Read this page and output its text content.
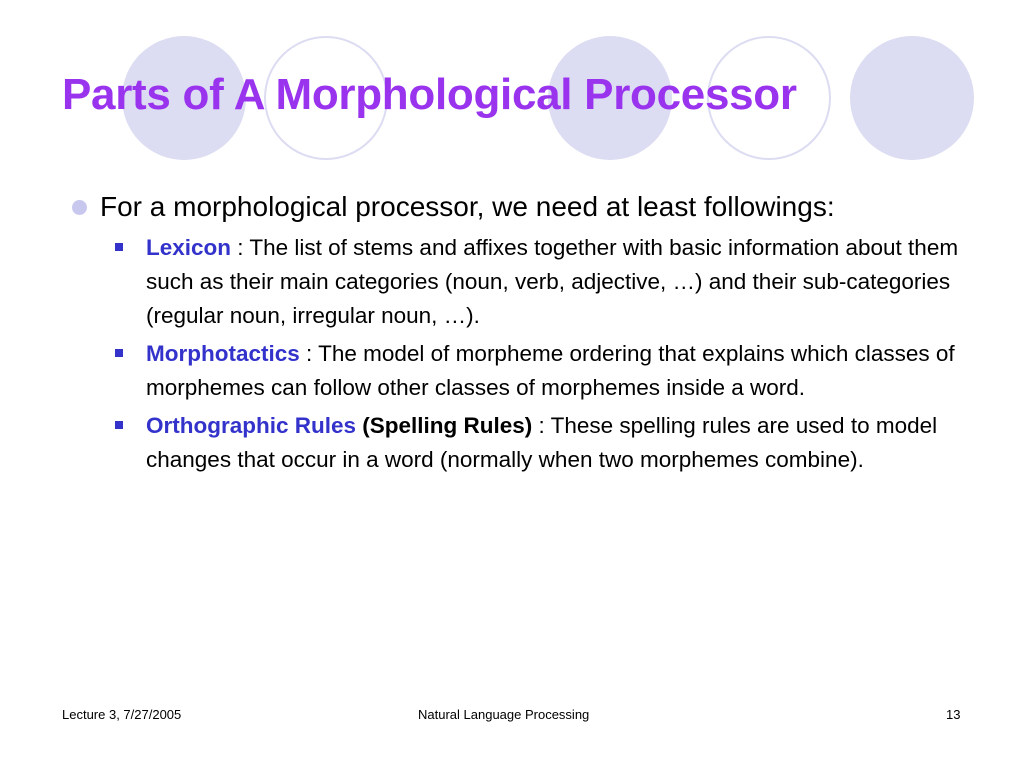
Parts of A Morphological Processor
For a morphological processor, we need at least followings:
Lexicon : The list of stems and affixes together with basic information about them such as their main categories (noun, verb, adjective, …) and their sub-categories (regular noun, irregular noun, …).
Morphotactics : The model of morpheme ordering that explains which classes of morphemes can follow other classes of morphemes inside a word.
Orthographic Rules (Spelling Rules) : These spelling rules are used to model changes that occur in a word (normally when two morphemes combine).
Lecture 3, 7/27/2005	Natural Language Processing	13
